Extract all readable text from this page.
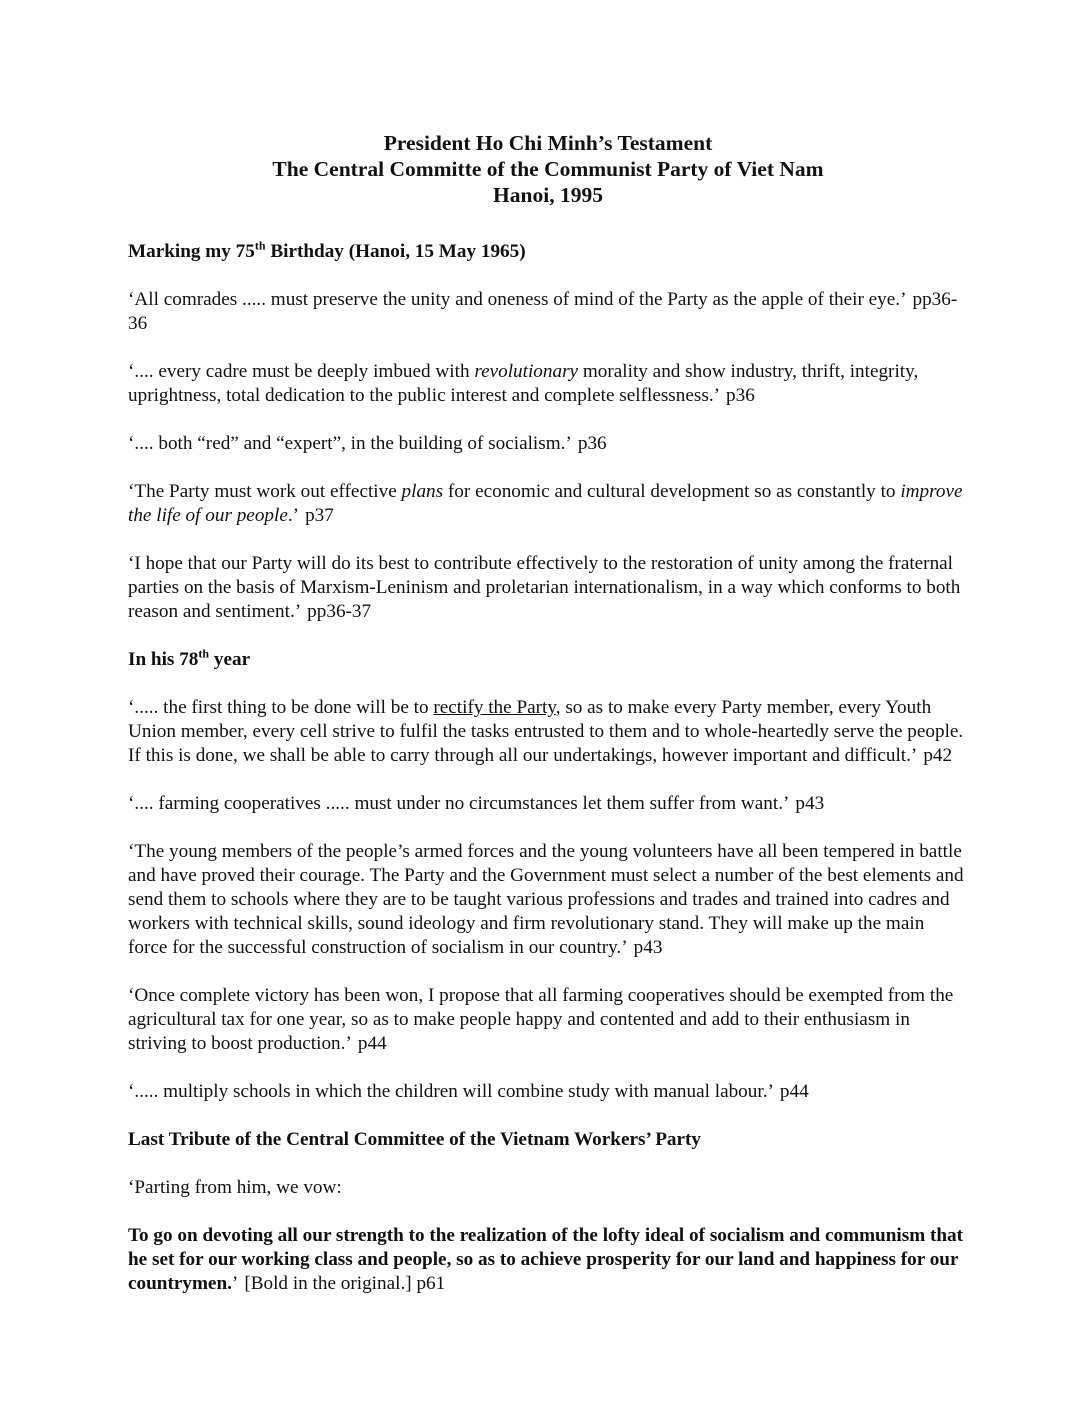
President Ho Chi Minh’s Testament
The Central Committe of the Communist Party of Viet Nam
Hanoi, 1995
Marking my 75th Birthday (Hanoi, 15 May 1965)

‘All comrades ..... must preserve the unity and oneness of mind of the Party as the apple of their eye.’ pp36-36

‘.... every cadre must be deeply imbued with revolutionary morality and show industry, thrift, integrity, uprightness, total dedication to the public interest and complete selflessness.’ p36

‘.... both “red” and “expert”, in the building of socialism.’ p36

‘The Party must work out effective plans for economic and cultural development so as constantly to improve the life of our people.’ p37

‘I hope that our Party will do its best to contribute effectively to the restoration of unity among the fraternal parties on the basis of Marxism-Leninism and proletarian internationalism, in a way which conforms to both reason and sentiment.’ pp36-37

In his 78th year

‘..... the first thing to be done will be to rectify the Party, so as to make every Party member, every Youth Union member, every cell strive to fulfil the tasks entrusted to them and to whole-heartedly serve the people. If this is done, we shall be able to carry through all our undertakings, however important and difficult.’ p42

‘.... farming cooperatives ..... must under no circumstances let them suffer from want.’ p43

‘The young members of the people’s armed forces and the young volunteers have all been tempered in battle and have proved their courage. The Party and the Government must select a number of the best elements and send them to schools where they are to be taught various professions and trades and trained into cadres and workers with technical skills, sound ideology and firm revolutionary stand. They will make up the main force for the successful construction of socialism in our country.’ p43

‘Once complete victory has been won, I propose that all farming cooperatives should be exempted from the agricultural tax for one year, so as to make people happy and contented and add to their enthusiasm in striving to boost production.’ p44

‘..... multiply schools in which the children will combine study with manual labour.’ p44

Last Tribute of the Central Committee of the Vietnam Workers’ Party

‘Parting from him, we vow:

To go on devoting all our strength to the realization of the lofty ideal of socialism and communism that he set for our working class and people, so as to achieve prosperity for our land and happiness for our countrymen.’ [Bold in the original.] p61
